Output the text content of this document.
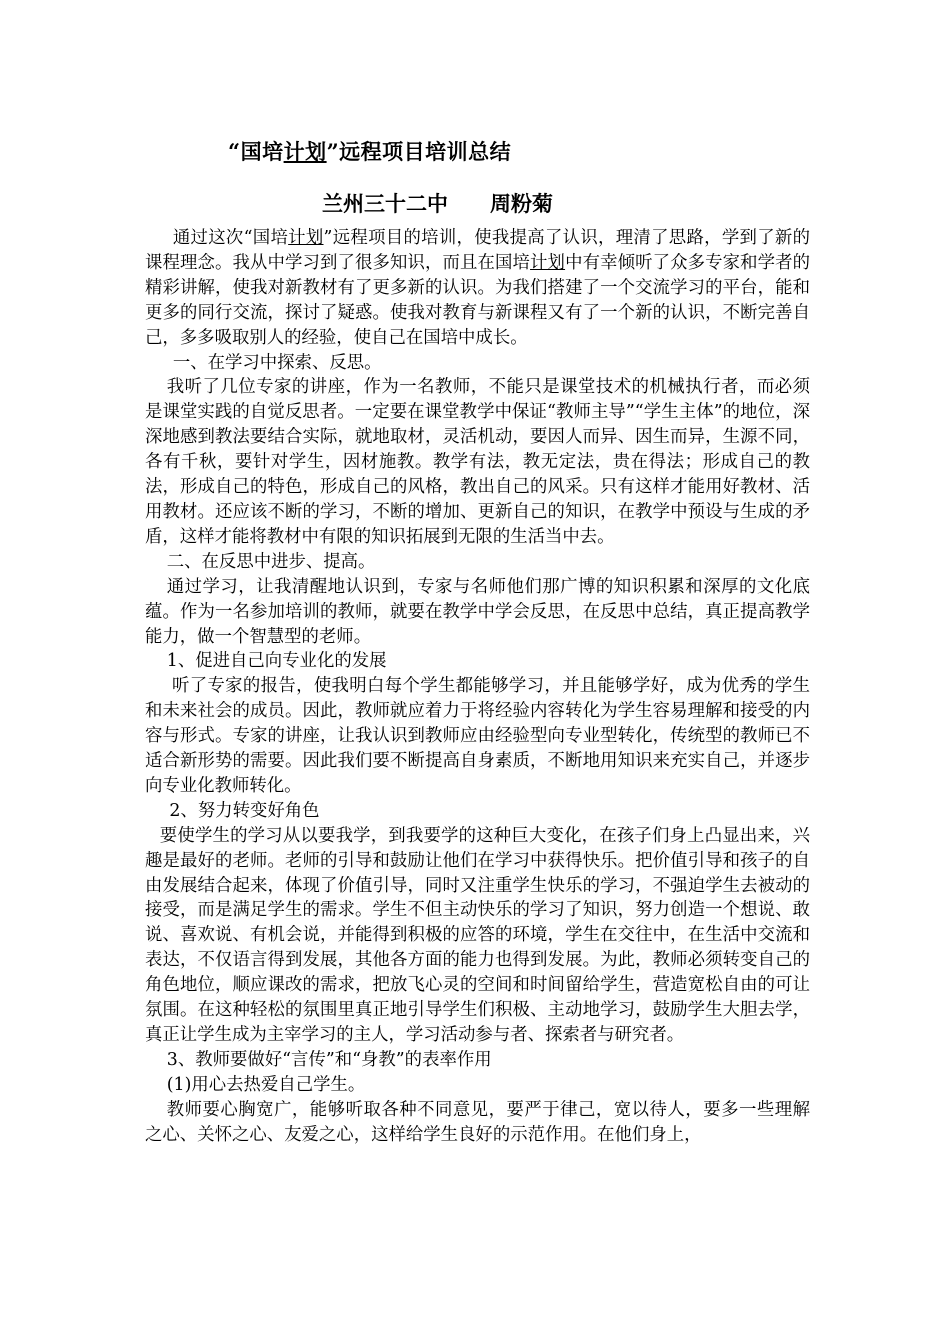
“国培计划”远程项目培训总结
兰州三十二中 周粉菊

通过这次“国培计划”远程项目的培训，使我提高了认识，理清了思路，学到了新的课程理念。我从中学习到了很多知识，而且在国培计划中有幸倾听了众多专家和学者的精彩讲解，使我对新教材有了更多新的认识。为我们搭建了一个交流学习的平台，能和更多的同行交流，探讨了疑惑。使我对教育与新课程又有了一个新的认识，不断完善自己，多多吸取别人的经验，使自己在国培中成长。

一、在学习中探索、反思。

我听了几位专家的讲座，作为一名教师，不能只是课堂技术的机械执行者，而必须是课堂实践的自觉反思者。一定要在课堂教学中保证“教师主导”“学生主体”的地位，深深地感到教法要结合实际，就地取材，灵活机动，要因人而异、因生而异，生源不同，各有千秋，要针对学生，因材施教。教学有法，教无定法，贵在得法；形成自己的教法，形成自己的特色，形成自己的风格，教出自己的风采。只有这样才能用好教材、活用教材。还应该不断的学习，不断的增加、更新自己的知识，在教学中预设与生成的矛盾，这样才能将教材中有限的知识拓展到无限的生活当中去。

二、在反思中进步、提高。

通过学习，让我清醒地认识到，专家与名师他们那广博的知识积累和深厚的文化底蕴。作为一名参加培训的教师，就要在教学中学会反思，在反思中总结，真正提高教学能力，做一个智慧型的老师。

1、促进自己向专业化的发展

听了专家的报告，使我明白每个学生都能够学习，并且能够学好，成为优秀的学生和未来社会的成员。因此，教师就应着力于将经验内容转化为学生容易理解和接受的内容与形式。专家的讲座，让我认识到教师应由经验型向专业型转化，传统型的教师已不适合新形势的需要。因此我们要不断提高自身素质，不断地用知识来充实自己，并逐步向专业化教师转化。

2、努力转变好角色

要使学生的学习从以要我学，到我要学的这种巨大变化，在孩子们身上凸显出来，兴趣是最好的老师。老师的引导和鼓励让他们在学习中获得快乐。把价值引导和孩子的自由发展结合起来，体现了价值引导，同时又注重学生快乐的学习，不强迫学生去被动的接受，而是满足学生的需求。学生不但主动快乐的学习了知识，努力创造一个想说、敢说、喜欢说、有机会说，并能得到积极的应答的环境，学生在交往中，在生活中交流和表达，不仅语言得到发展，其他各方面的能力也得到发展。为此，教师必须转变自己的角色地位，顺应课改的需求，把放飞心灵的空间和时间留给学生，营造宽松自由的可让氛围。在这种轻松的氛围里真正地引导学生们积极、主动地学习，鼓励学生大胆去学，真正让学生成为主宰学习的主人，学习活动参与者、探索者与研究者。

3、教师要做好“言传”和“身教”的表率作用

(1)用心去热爱自己学生。

教师要心胸宽广，能够听取各种不同意见，要严于律己，宽以待人，要多一些理解之心、关怀之心、友爱之心，这样给学生良好的示范作用。在他们身上，
